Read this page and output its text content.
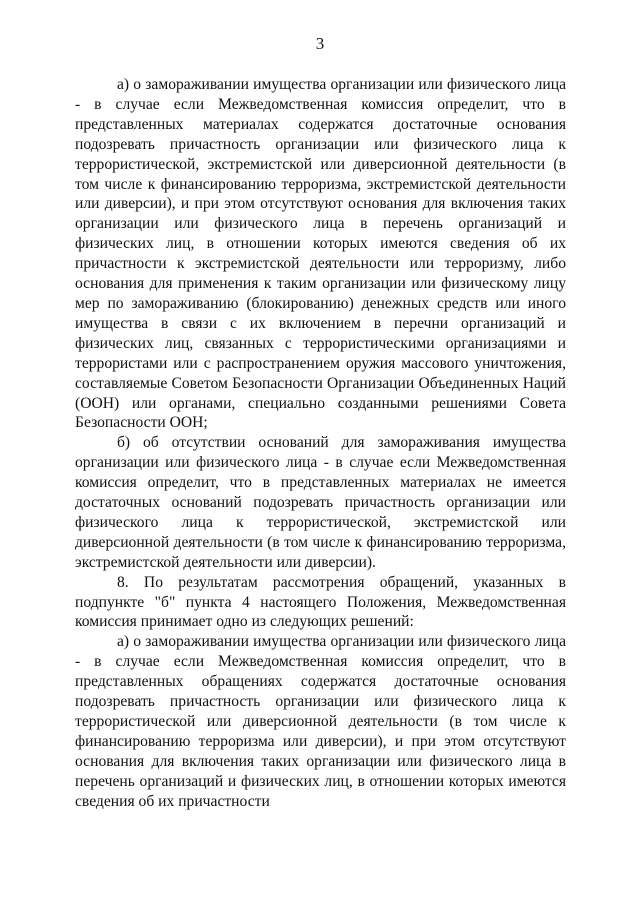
3

а) о замораживании имущества организации или физического лица - в случае если Межведомственная комиссия определит, что в представленных материалах содержатся достаточные основания подозревать причастность организации или физического лица к террористической, экстремистской или диверсионной деятельности (в том числе к финансированию терроризма, экстремистской деятельности или диверсии), и при этом отсутствуют основания для включения таких организации или физического лица в перечень организаций и физических лиц, в отношении которых имеются сведения об их причастности к экстремистской деятельности или терроризму, либо основания для применения к таким организации или физическому лицу мер по замораживанию (блокированию) денежных средств или иного имущества в связи с их включением в перечни организаций и физических лиц, связанных с террористическими организациями и террористами или с распространением оружия массового уничтожения, составляемые Советом Безопасности Организации Объединенных Наций (ООН) или органами, специально созданными решениями Совета Безопасности ООН;

б) об отсутствии оснований для замораживания имущества организации или физического лица - в случае если Межведомственная комиссия определит, что в представленных материалах не имеется достаточных оснований подозревать причастность организации или физического лица к террористической, экстремистской или диверсионной деятельности (в том числе к финансированию терроризма, экстремистской деятельности или диверсии).

8. По результатам рассмотрения обращений, указанных в подпункте "б" пункта 4 настоящего Положения, Межведомственная комиссия принимает одно из следующих решений:

а) о замораживании имущества организации или физического лица - в случае если Межведомственная комиссия определит, что в представленных обращениях содержатся достаточные основания подозревать причастность организации или физического лица к террористической или диверсионной деятельности (в том числе к финансированию терроризма или диверсии), и при этом отсутствуют основания для включения таких организации или физического лица в перечень организаций и физических лиц, в отношении которых имеются сведения об их причастности
